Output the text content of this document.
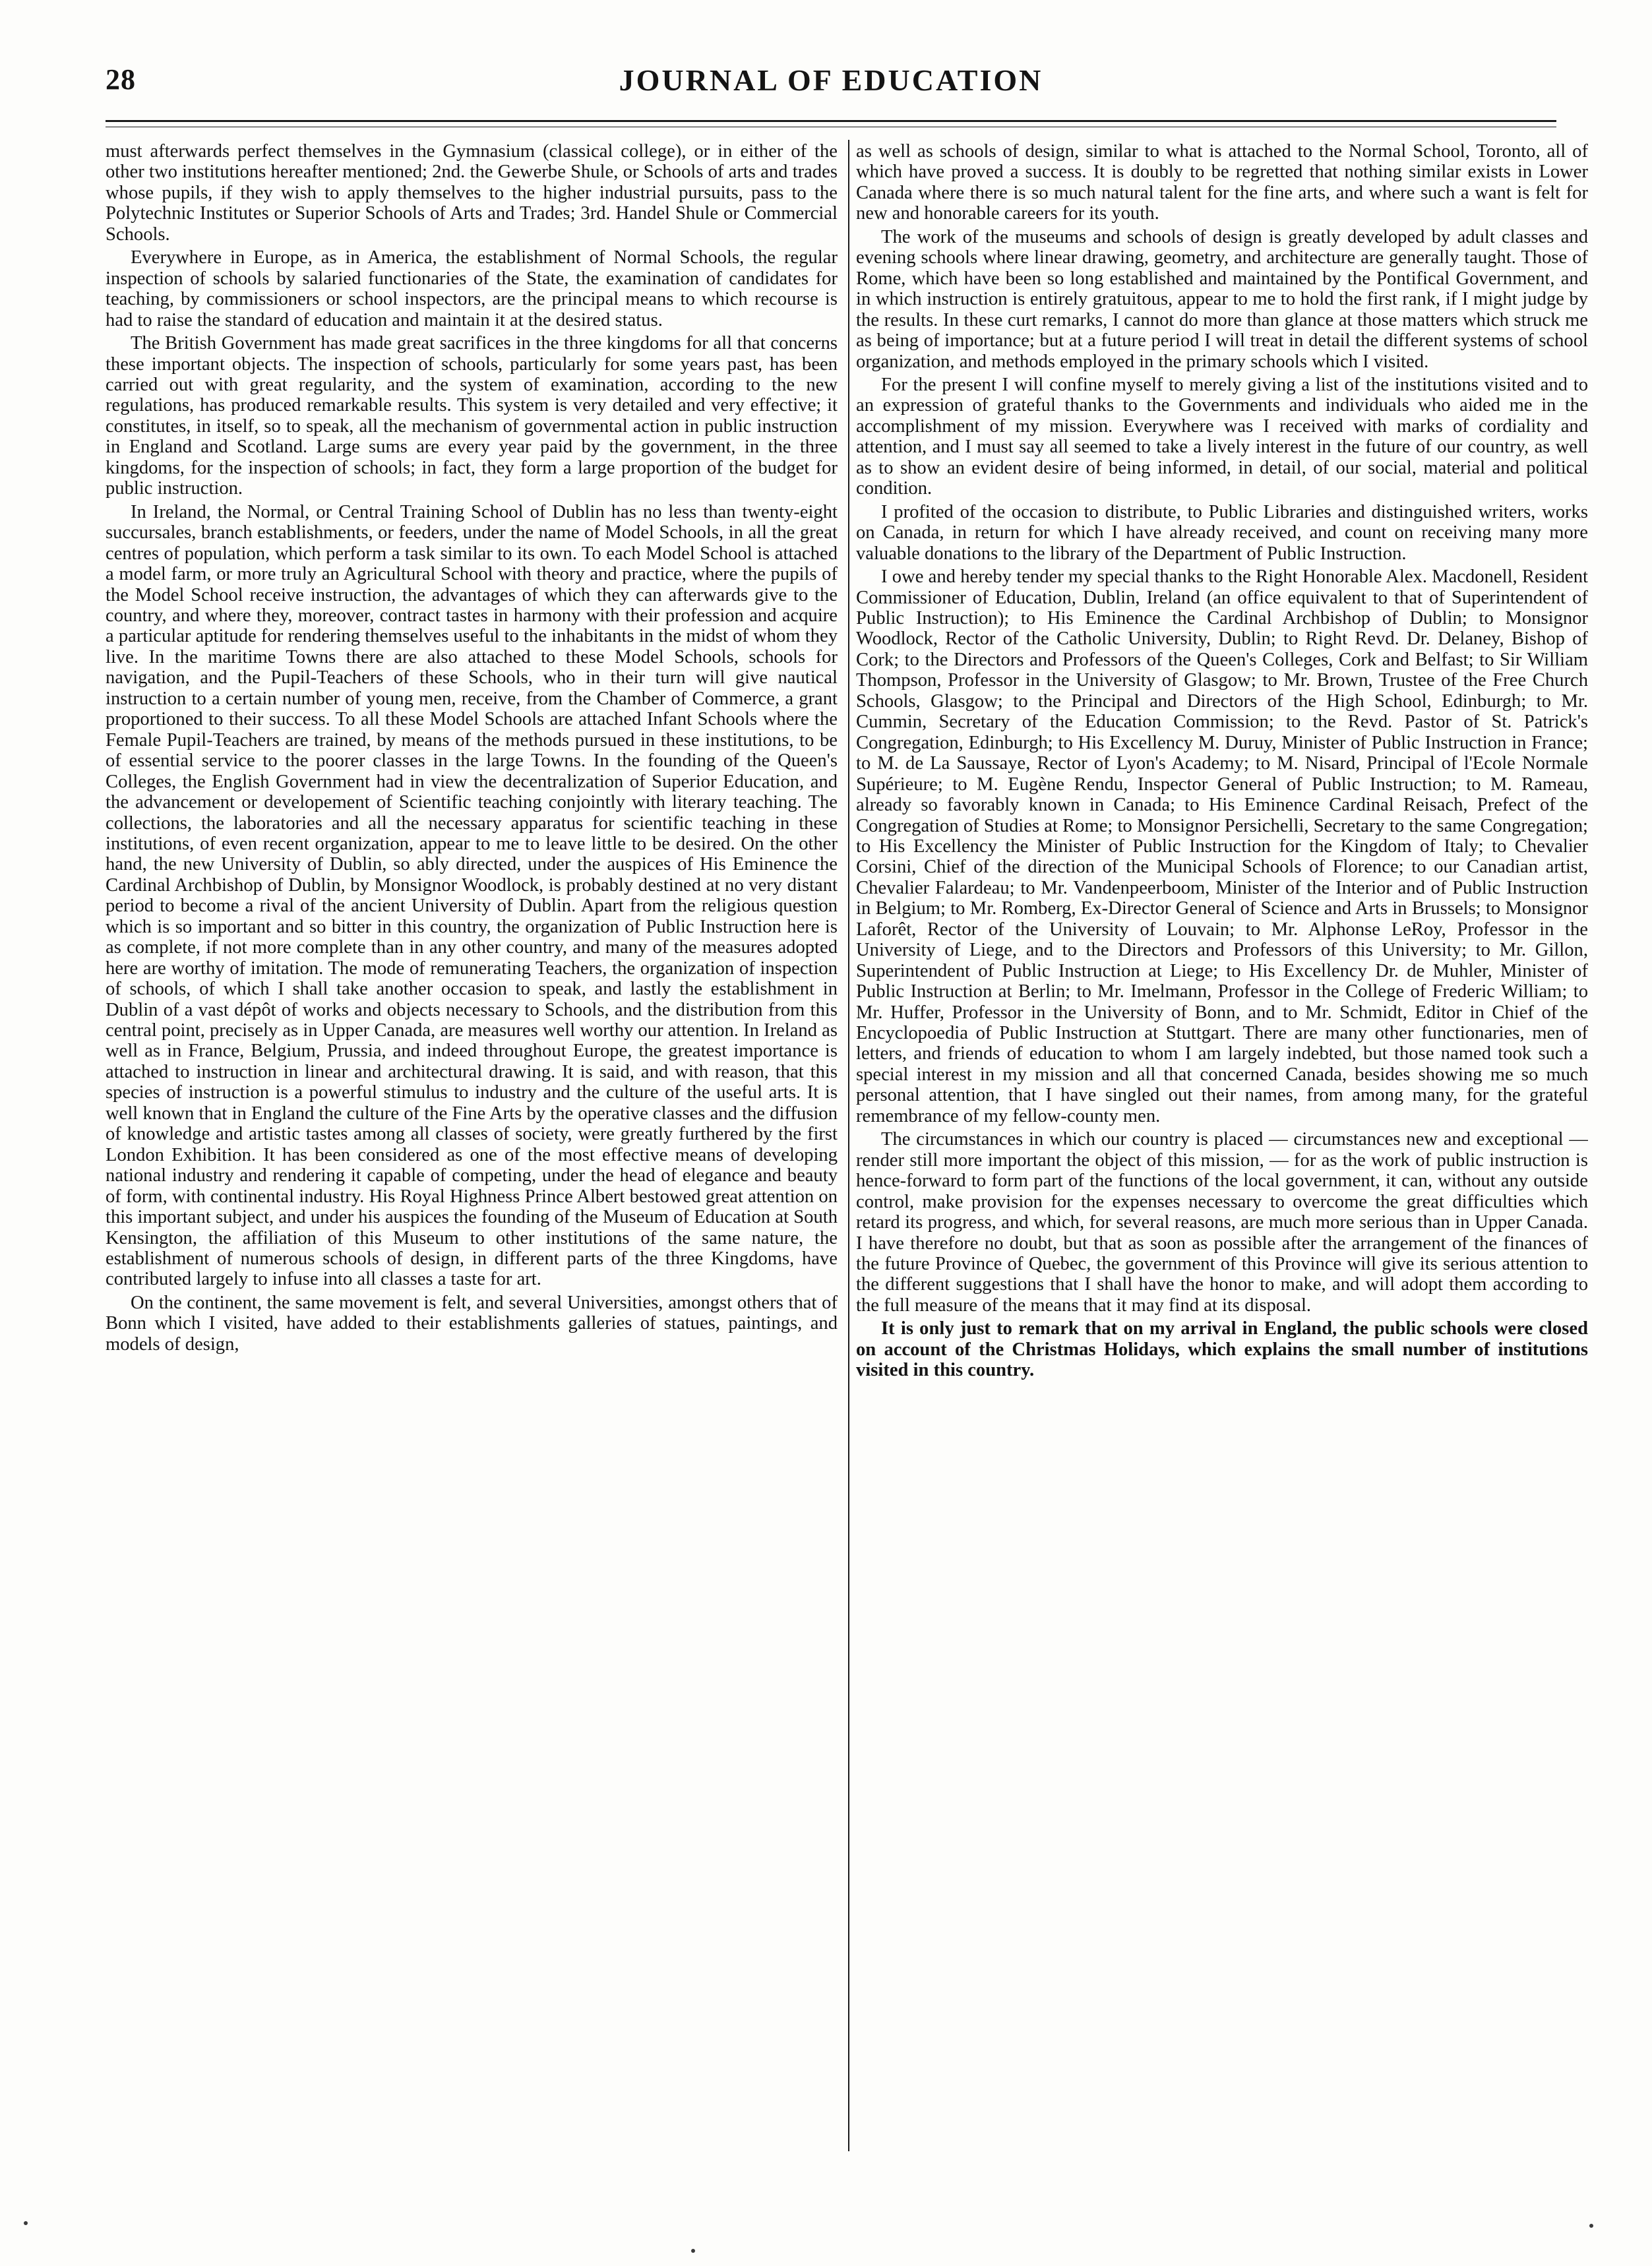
28	JOURNAL OF EDUCATION

must afterwards perfect themselves in the Gymnasium (classical college), or in either of the other two institutions hereafter mentioned; 2nd. the Gewerbe Shule, or Schools of arts and trades whose pupils, if they wish to apply themselves to the higher industrial pursuits, pass to the Polytechnic Institutes or Superior Schools of Arts and Trades; 3rd. Handel Shule or Commercial Schools.

Everywhere in Europe, as in America, the establishment of Normal Schools, the regular inspection of schools by salaried functionaries of the State, the examination of candidates for teaching, by commissioners or school inspectors, are the principal means to which recourse is had to raise the standard of education and maintain it at the desired status.

The British Government has made great sacrifices in the three kingdoms for all that concerns these important objects. The inspection of schools, particularly for some years past, has been carried out with great regularity, and the system of examination, according to the new regulations, has produced remarkable results. This system is very detailed and very effective; it constitutes, in itself, so to speak, all the mechanism of governmental action in public instruction in England and Scotland. Large sums are every year paid by the government, in the three kingdoms, for the inspection of schools; in fact, they form a large proportion of the budget for public instruction.

In Ireland, the Normal, or Central Training School of Dublin has no less than twenty-eight succursales, branch establishments, or feeders, under the name of Model Schools, in all the great centres of population, which perform a task similar to its own. To each Model School is attached a model farm, or more truly an Agricultural School with theory and practice, where the pupils of the Model School receive instruction, the advantages of which they can afterwards give to the country, and where they, moreover, contract tastes in harmony with their profession and acquire a particular aptitude for rendering themselves useful to the inhabitants in the midst of whom they live. In the maritime Towns there are also attached to these Model Schools, schools for navigation, and the Pupil-Teachers of these Schools, who in their turn will give nautical instruction to a certain number of young men, receive, from the Chamber of Commerce, a grant proportioned to their success. To all these Model Schools are attached Infant Schools where the Female Pupil-Teachers are trained, by means of the methods pursued in these institutions, to be of essential service to the poorer classes in the large Towns. In the founding of the Queen's Colleges, the English Government had in view the decentralization of Superior Education, and the advancement or developement of Scientific teaching conjointly with literary teaching. The collections, the laboratories and all the necessary apparatus for scientific teaching in these institutions, of even recent organization, appear to me to leave little to be desired. On the other hand, the new University of Dublin, so ably directed, under the auspices of His Eminence the Cardinal Archbishop of Dublin, by Monsignor Woodlock, is probably destined at no very distant period to become a rival of the ancient University of Dublin. Apart from the religious question which is so important and so bitter in this country, the organization of Public Instruction here is as complete, if not more complete than in any other country, and many of the measures adopted here are worthy of imitation. The mode of remunerating Teachers, the organization of inspection of schools, of which I shall take another occasion to speak, and lastly the establishment in Dublin of a vast dépôt of works and objects necessary to Schools, and the distribution from this central point, precisely as in Upper Canada, are measures well worthy our attention. In Ireland as well as in France, Belgium, Prussia, and indeed throughout Europe, the greatest importance is attached to instruction in linear and architectural drawing. It is said, and with reason, that this species of instruction is a powerful stimulus to industry and the culture of the useful arts. It is well known that in England the culture of the Fine Arts by the operative classes and the diffusion of knowledge and artistic tastes among all classes of society, were greatly furthered by the first London Exhibition. It has been considered as one of the most effective means of developing national industry and rendering it capable of competing, under the head of elegance and beauty of form, with continental industry. His Royal Highness Prince Albert bestowed great attention on this important subject, and under his auspices the founding of the Museum of Education at South Kensington, the affiliation of this Museum to other institutions of the same nature, the establishment of numerous schools of design, in different parts of the three Kingdoms, have contributed largely to infuse into all classes a taste for art.

On the continent, the same movement is felt, and several Universities, amongst others that of Bonn which I visited, have added to their establishments galleries of statues, paintings, and models of design,

as well as schools of design, similar to what is attached to the Normal School, Toronto, all of which have proved a success. It is doubly to be regretted that nothing similar exists in Lower Canada where there is so much natural talent for the fine arts, and where such a want is felt for new and honorable careers for its youth.

The work of the museums and schools of design is greatly developed by adult classes and evening schools where linear drawing, geometry, and architecture are generally taught. Those of Rome, which have been so long established and maintained by the Pontifical Government, and in which instruction is entirely gratuitous, appear to me to hold the first rank, if I might judge by the results. In these curt remarks, I cannot do more than glance at those matters which struck me as being of importance; but at a future period I will treat in detail the different systems of school organization, and methods employed in the primary schools which I visited.

For the present I will confine myself to merely giving a list of the institutions visited and to an expression of grateful thanks to the Governments and individuals who aided me in the accomplishment of my mission. Everywhere was I received with marks of cordiality and attention, and I must say all seemed to take a lively interest in the future of our country, as well as to show an evident desire of being informed, in detail, of our social, material and political condition.

I profited of the occasion to distribute, to Public Libraries and distinguished writers, works on Canada, in return for which I have already received, and count on receiving many more valuable donations to the library of the Department of Public Instruction.

I owe and hereby tender my special thanks to the Right Honorable Alex. Macdonell, Resident Commissioner of Education, Dublin, Ireland (an office equivalent to that of Superintendent of Public Instruction); to His Eminence the Cardinal Archbishop of Dublin; to Monsignor Woodlock, Rector of the Catholic University, Dublin; to Right Revd. Dr. Delaney, Bishop of Cork; to the Directors and Professors of the Queen's Colleges, Cork and Belfast; to Sir William Thompson, Professor in the University of Glasgow; to Mr. Brown, Trustee of the Free Church Schools, Glasgow; to the Principal and Directors of the High School, Edinburgh; to Mr. Cummin, Secretary of the Education Commission; to the Revd. Pastor of St. Patrick's Congregation, Edinburgh; to His Excellency M. Duruy, Minister of Public Instruction in France; to M. de La Saussaye, Rector of Lyon's Academy; to M. Nisard, Principal of l'Ecole Normale Supérieure; to M. Eugène Rendu, Inspector General of Public Instruction; to M. Rameau, already so favorably known in Canada; to His Eminence Cardinal Reisach, Prefect of the Congregation of Studies at Rome; to Monsignor Persichelli, Secretary to the same Congregation; to His Excellency the Minister of Public Instruction for the Kingdom of Italy; to Chevalier Corsini, Chief of the direction of the Municipal Schools of Florence; to our Canadian artist, Chevalier Falardeau; to Mr. Vandenpeerboom, Minister of the Interior and of Public Instruction in Belgium; to Mr. Romberg, Ex-Director General of Science and Arts in Brussels; to Monsignor Laforêt, Rector of the University of Louvain; to Mr. Alphonse LeRoy, Professor in the University of Liege, and to the Directors and Professors of this University; to Mr. Gillon, Superintendent of Public Instruction at Liege; to His Excellency Dr. de Muhler, Minister of Public Instruction at Berlin; to Mr. Imelmann, Professor in the College of Frederic William; to Mr. Huffer, Professor in the University of Bonn, and to Mr. Schmidt, Editor in Chief of the Encyclopoedia of Public Instruction at Stuttgart. There are many other functionaries, men of letters, and friends of education to whom I am largely indebted, but those named took such a special interest in my mission and all that concerned Canada, besides showing me so much personal attention, that I have singled out their names, from among many, for the grateful remembrance of my fellow-county men.

The circumstances in which our country is placed — circumstances new and exceptional — render still more important the object of this mission, — for as the work of public instruction is hence-forward to form part of the functions of the local government, it can, without any outside control, make provision for the expenses necessary to overcome the great difficulties which retard its progress, and which, for several reasons, are much more serious than in Upper Canada. I have therefore no doubt, but that as soon as possible after the arrangement of the finances of the future Province of Quebec, the government of this Province will give its serious attention to the different suggestions that I shall have the honor to make, and will adopt them according to the full measure of the means that it may find at its disposal.

It is only just to remark that on my arrival in England, the public schools were closed on account of the Christmas Holidays, which explains the small number of institutions visited in this country.
